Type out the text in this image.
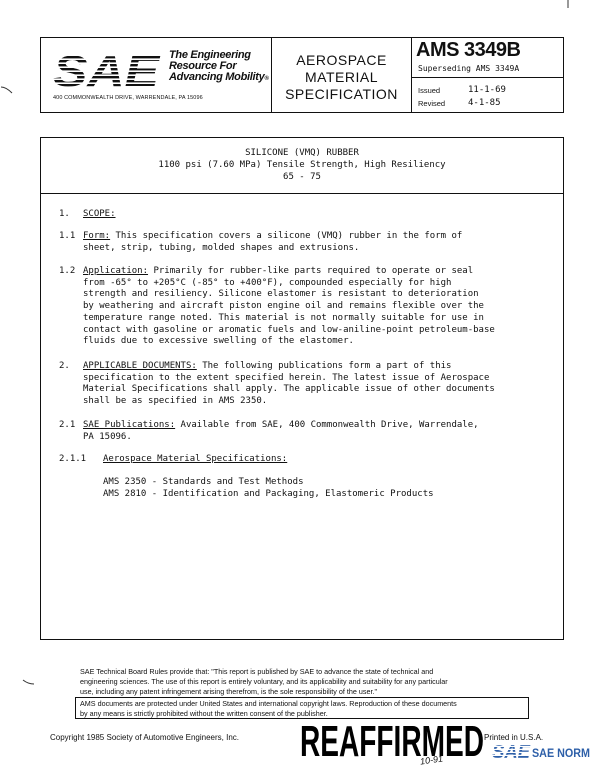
SAE The Engineering
Resource For
Advancing Mobility®
400 COMMONWEALTH DRIVE, WARRENDALE, PA 15096
AEROSPACE
MATERIAL
SPECIFICATION
AMS 3349B
Superseding AMS 3349A
Issued	11-1-69
Revised	4-1-85
SILICONE (VMQ) RUBBER
1100 psi (7.60 MPa) Tensile Strength, High Resiliency
65 - 75
1. SCOPE:
1.1 Form: This specification covers a silicone (VMQ) rubber in the form of
sheet, strip, tubing, molded shapes and extrusions.
1.2 Application: Primarily for rubber-like parts required to operate or seal
from -65° to +205°C (-85° to +400°F), compounded especially for high
strength and resiliency. Silicone elastomer is resistant to deterioration
by weathering and aircraft piston engine oil and remains flexible over the
temperature range noted. This material is not normally suitable for use in
contact with gasoline or aromatic fuels and low-aniline-point petroleum-base
fluids due to excessive swelling of the elastomer.
2. APPLICABLE DOCUMENTS: The following publications form a part of this
specification to the extent specified herein. The latest issue of Aerospace
Material Specifications shall apply. The applicable issue of other documents
shall be as specified in AMS 2350.
2.1 SAE Publications: Available from SAE, 400 Commonwealth Drive, Warrendale,
PA 15096.
2.1.1 Aerospace Material Specifications:
AMS 2350 - Standards and Test Methods
AMS 2810 - Identification and Packaging, Elastomeric Products
SAE Technical Board Rules provide that: "This report is published by SAE to advance the state of technical and
engineering sciences. The use of this report is entirely voluntary, and its applicability and suitability for any particular
use, including any patent infringement arising therefrom, is the sole responsibility of the user."
AMS documents are protected under United States and international copyright laws. Reproduction of these documents
by any means is strictly prohibited without the written consent of the publisher.
Copyright 1985 Society of Automotive Engineers, Inc.	Printed in U.S.A.
REAFFIRMED SAE SAE NORM
10-91
